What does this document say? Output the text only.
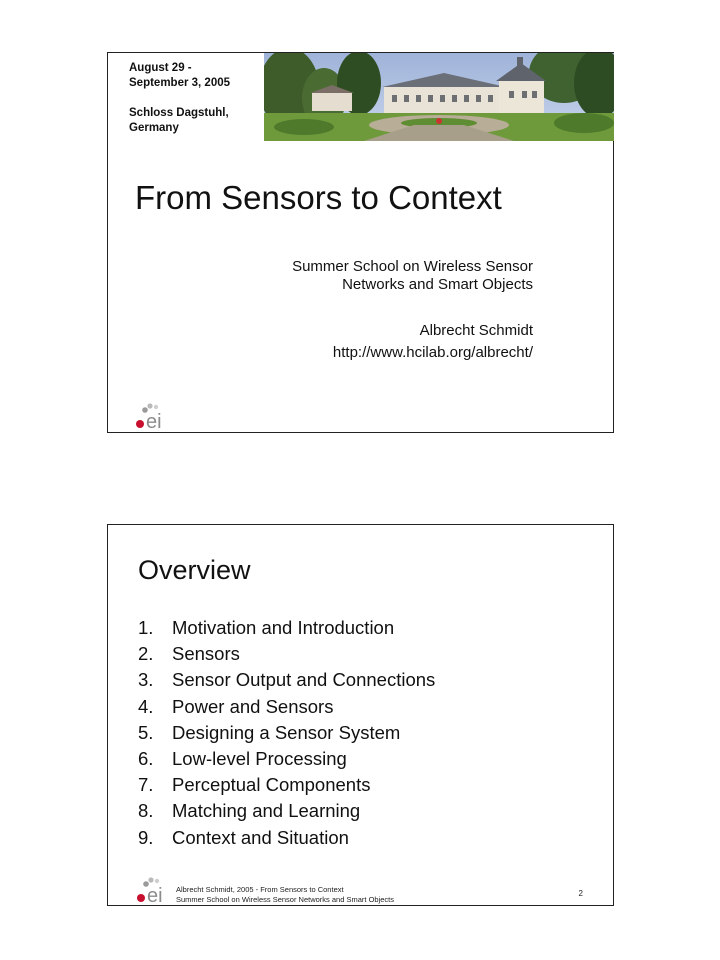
August 29 -

September 3, 2005

Schloss Dagstuhl,

Germany

From Sensors to Context
Summer School on Wireless Sensor
Networks and Smart Objects
Albrecht Schmidt
http://www.hcilab.org/albrecht/
ei
Overview
1.	Motivation and Introduction
2.	Sensors
3.	Sensor Output and Connections
4.	Power and Sensors
5.	Designing a Sensor System
6.	Low-level Processing
7.	Perceptual Components
8.	Matching and Learning
9.	Context and Situation
ei Albrecht Schmidt, 2005 - From Sensors to Context
Summer School on Wireless Sensor Networks and Smart Objects
2
